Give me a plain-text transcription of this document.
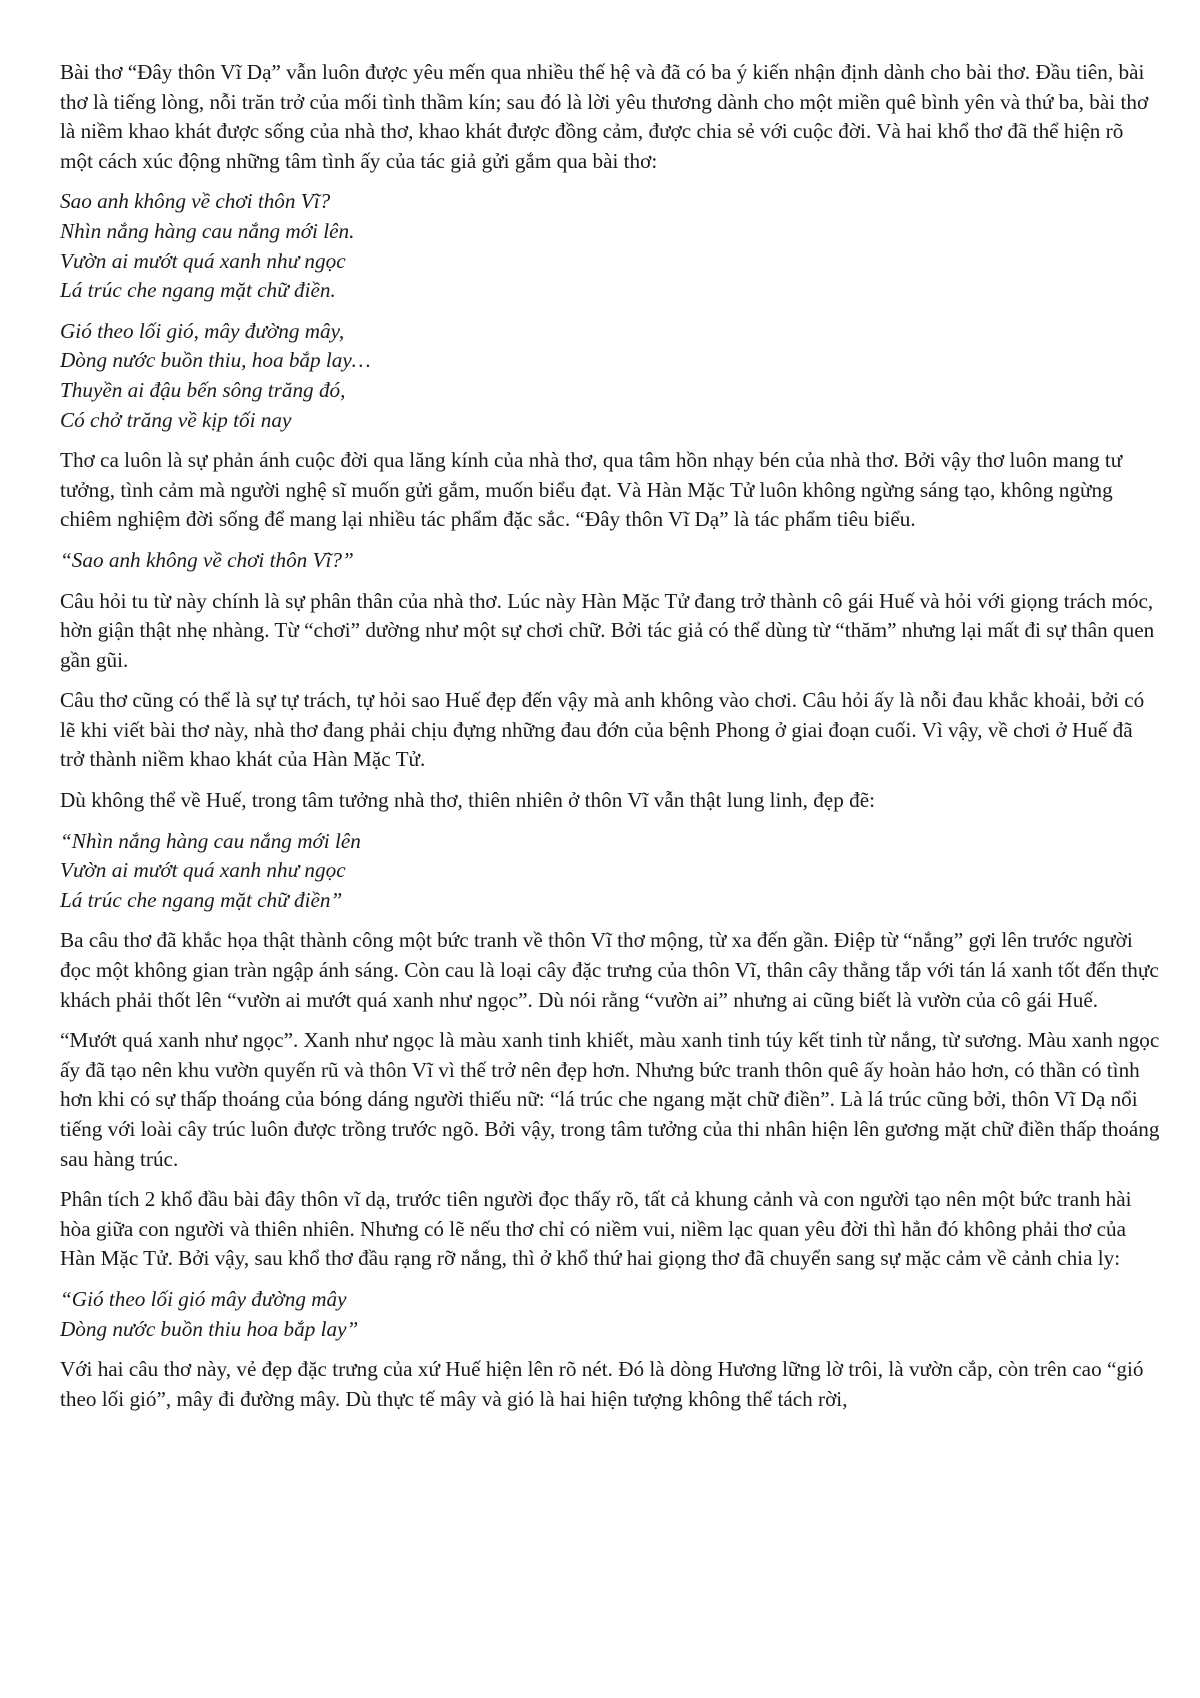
Bài thơ “Đây thôn Vĩ Dạ” vẫn luôn được yêu mến qua nhiều thế hệ và đã có ba ý kiến nhận định dành cho bài thơ. Đầu tiên, bài thơ là tiếng lòng, nỗi trăn trở của mối tình thầm kín; sau đó là lời yêu thương dành cho một miền quê bình yên và thứ ba, bài thơ là niềm khao khát được sống của nhà thơ, khao khát được đồng cảm, được chia sẻ với cuộc đời. Và hai khổ thơ đã thể hiện rõ một cách xúc động những tâm tình ấy của tác giả gửi gắm qua bài thơ:

Sao anh không về chơi thôn Vĩ?
Nhìn nắng hàng cau nắng mới lên.
Vườn ai mướt quá xanh như ngọc
Lá trúc che ngang mặt chữ điền.
Gió theo lối gió, mây đường mây,
Dòng nước buồn thiu, hoa bắp lay…
Thuyền ai đậu bến sông trăng đó,
Có chở trăng về kịp tối nay

Thơ ca luôn là sự phản ánh cuộc đời qua lăng kính của nhà thơ, qua tâm hồn nhạy bén của nhà thơ. Bởi vậy thơ luôn mang tư tưởng, tình cảm mà người nghệ sĩ muốn gửi gắm, muốn biểu đạt. Và Hàn Mặc Tử luôn không ngừng sáng tạo, không ngừng chiêm nghiệm đời sống để mang lại nhiều tác phẩm đặc sắc. “Đây thôn Vĩ Dạ” là tác phẩm tiêu biểu.

“Sao anh không về chơi thôn Vĩ?”

Câu hỏi tu từ này chính là sự phân thân của nhà thơ. Lúc này Hàn Mặc Tử đang trở thành cô gái Huế và hỏi với giọng trách móc, hờn giận thật nhẹ nhàng. Từ “chơi” dường như một sự chơi chữ. Bởi tác giả có thể dùng từ “thăm” nhưng lại mất đi sự thân quen gần gũi.

Câu thơ cũng có thể là sự tự trách, tự hỏi sao Huế đẹp đến vậy mà anh không vào chơi. Câu hỏi ấy là nỗi đau khắc khoải, bởi có lẽ khi viết bài thơ này, nhà thơ đang phải chịu đựng những đau đớn của bệnh Phong ở giai đoạn cuối. Vì vậy, về chơi ở Huế đã trở thành niềm khao khát của Hàn Mặc Tử.

Dù không thể về Huế, trong tâm tưởng nhà thơ, thiên nhiên ở thôn Vĩ vẫn thật lung linh, đẹp đẽ:

“Nhìn nắng hàng cau nắng mới lên
Vườn ai mướt quá xanh như ngọc
Lá trúc che ngang mặt chữ điền”

Ba câu thơ đã khắc họa thật thành công một bức tranh về thôn Vĩ thơ mộng, từ xa đến gần. Điệp từ “nắng” gợi lên trước người đọc một không gian tràn ngập ánh sáng. Còn cau là loại cây đặc trưng của thôn Vĩ, thân cây thẳng tắp với tán lá xanh tốt đến thực khách phải thốt lên “vườn ai mướt quá xanh như ngọc”. Dù nói rằng “vườn ai” nhưng ai cũng biết là vườn của cô gái Huế.

“Mướt quá xanh như ngọc”. Xanh như ngọc là màu xanh tinh khiết, màu xanh tinh túy kết tinh từ nắng, từ sương. Màu xanh ngọc ấy đã tạo nên khu vườn quyến rũ và thôn Vĩ vì thế trở nên đẹp hơn. Nhưng bức tranh thôn quê ấy hoàn hảo hơn, có thần có tình hơn khi có sự thấp thoáng của bóng dáng người thiếu nữ: “lá trúc che ngang mặt chữ điền”. Là lá trúc cũng bởi, thôn Vĩ Dạ nổi tiếng với loài cây trúc luôn được trồng trước ngõ. Bởi vậy, trong tâm tưởng của thi nhân hiện lên gương mặt chữ điền thấp thoáng sau hàng trúc.

Phân tích 2 khổ đầu bài đây thôn vĩ dạ, trước tiên người đọc thấy rõ, tất cả khung cảnh và con người tạo nên một bức tranh hài hòa giữa con người và thiên nhiên. Nhưng có lẽ nếu thơ chỉ có niềm vui, niềm lạc quan yêu đời thì hẳn đó không phải thơ của Hàn Mặc Tử. Bởi vậy, sau khổ thơ đầu rạng rỡ nắng, thì ở khổ thứ hai giọng thơ đã chuyển sang sự mặc cảm về cảnh chia ly:

“Gió theo lối gió mây đường mây
Dòng nước buồn thiu hoa bắp lay”

Với hai câu thơ này, vẻ đẹp đặc trưng của xứ Huế hiện lên rõ nét. Đó là dòng Hương lững lờ trôi, là vườn cắp, còn trên cao “gió theo lối gió”, mây đi đường mây. Dù thực tế mây và gió là hai hiện tượng không thể tách rời,
